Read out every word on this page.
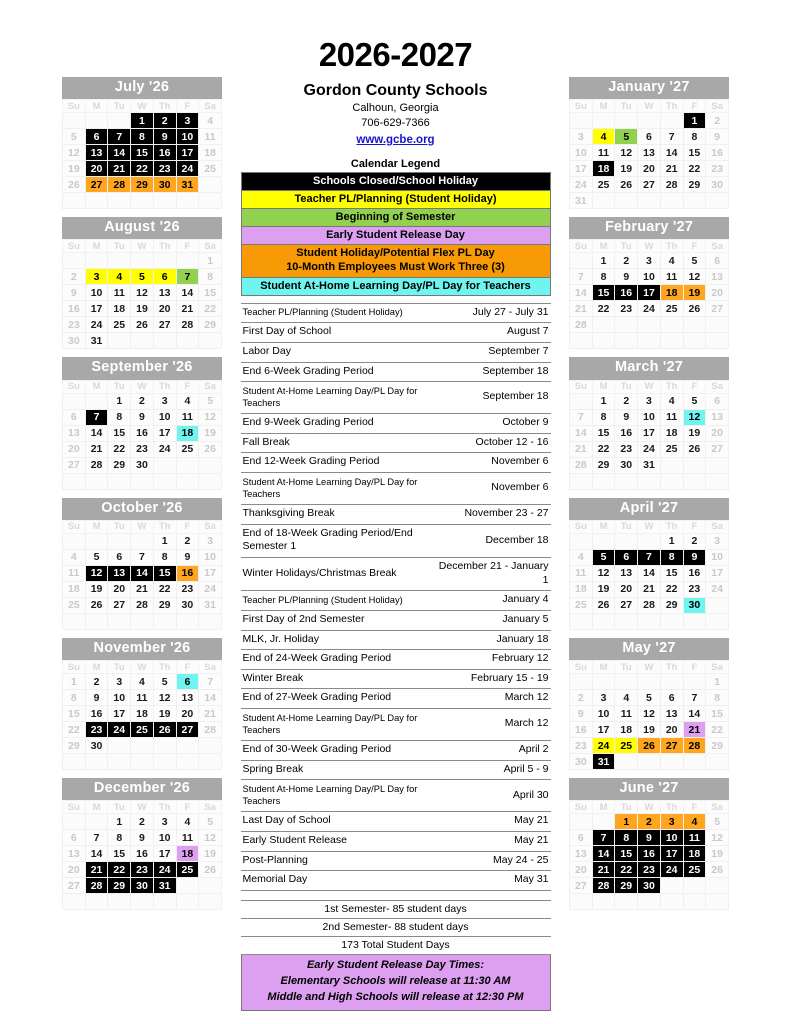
2026-2027
July '26
Su	M	Tu	W	Th	F	Sa
			1	2	3	4
5	6	7	8	9	10	11
12	13	14	15	16	17	18
19	20	21	22	23	24	25
26	27	28	29	30	31	

August '26
Su	M	Tu	W	Th	F	Sa
						1
2	3	4	5	6	7	8
9	10	11	12	13	14	15
16	17	18	19	20	21	22
23	24	25	26	27	28	29
30	31					
September '26
Su	M	Tu	W	Th	F	Sa
		1	2	3	4	5
6	7	8	9	10	11	12
13	14	15	16	17	18	19
20	21	22	23	24	25	26
27	28	29	30			

October '26
Su	M	Tu	W	Th	F	Sa
				1	2	3
4	5	6	7	8	9	10
11	12	13	14	15	16	17
18	19	20	21	22	23	24
25	26	27	28	29	30	31

November '26
Su	M	Tu	W	Th	F	Sa
1	2	3	4	5	6	7
8	9	10	11	12	13	14
15	16	17	18	19	20	21
22	23	24	25	26	27	28
29	30					

December '26
Su	M	Tu	W	Th	F	Sa
		1	2	3	4	5
6	7	8	9	10	11	12
13	14	15	16	17	18	19
20	21	22	23	24	25	26
27	28	29	30	31		

Gordon County Schools
Calhoun, Georgia
706-629-7366
www.gcbe.org
Calendar Legend
Schools Closed/School Holiday
Teacher PL/Planning (Student Holiday)
Beginning of Semester
Early Student Release Day
Student Holiday/Potential Flex PL Day
10-Month Employees Must Work Three (3)
Student At-Home Learning Day/PL Day for Teachers
Teacher PL/Planning (Student Holiday)	July 27 - July 31
First Day of School	August 7
Labor Day	September 7
End 6-Week Grading Period	September 18
Student At-Home Learning Day/PL Day for Teachers	September 18
End 9-Week Grading Period	October 9
Fall Break	October 12 - 16
End 12-Week Grading Period	November 6
Student At-Home Learning Day/PL Day for Teachers	November 6
Thanksgiving Break	November 23 - 27
End of 18-Week Grading Period/End Semester 1	December 18
Winter Holidays/Christmas Break	December 21 - January 1
Teacher PL/Planning (Student Holiday)	January 4
First Day of 2nd Semester	January 5
MLK, Jr. Holiday	January 18
End of 24-Week Grading Period	February 12
Winter Break	February 15 - 19
End of 27-Week Grading Period	March 12
Student At-Home Learning Day/PL Day for Teachers	March 12
End of 30-Week Grading Period	April 2
Spring Break	April 5 - 9
Student At-Home Learning Day/PL Day for Teachers	April 30
Last Day of School	May 21
Early Student Release	May 21
Post-Planning	May 24 - 25
Memorial Day	May 31
1st Semester- 85 student days
2nd Semester- 88 student days
173 Total Student Days
Early Student Release Day Times:
Elementary Schools will release at 11:30 AM
Middle and High Schools will release at 12:30 PM
January '27
Su	M	Tu	W	Th	F	Sa
					1	2
3	4	5	6	7	8	9
10	11	12	13	14	15	16
17	18	19	20	21	22	23
24	25	26	27	28	29	30
31						
February '27
Su	M	Tu	W	Th	F	Sa
	1	2	3	4	5	6
7	8	9	10	11	12	13
14	15	16	17	18	19	20
21	22	23	24	25	26	27
28						

March '27
Su	M	Tu	W	Th	F	Sa
	1	2	3	4	5	6
7	8	9	10	11	12	13
14	15	16	17	18	19	20
21	22	23	24	25	26	27
28	29	30	31			

April '27
Su	M	Tu	W	Th	F	Sa
				1	2	3
4	5	6	7	8	9	10
11	12	13	14	15	16	17
18	19	20	21	22	23	24
25	26	27	28	29	30	

May '27
Su	M	Tu	W	Th	F	Sa
						1
2	3	4	5	6	7	8
9	10	11	12	13	14	15
16	17	18	19	20	21	22
23	24	25	26	27	28	29
30	31					
June '27
Su	M	Tu	W	Th	F	Sa
		1	2	3	4	5
6	7	8	9	10	11	12
13	14	15	16	17	18	19
20	21	22	23	24	25	26
27	28	29	30			
